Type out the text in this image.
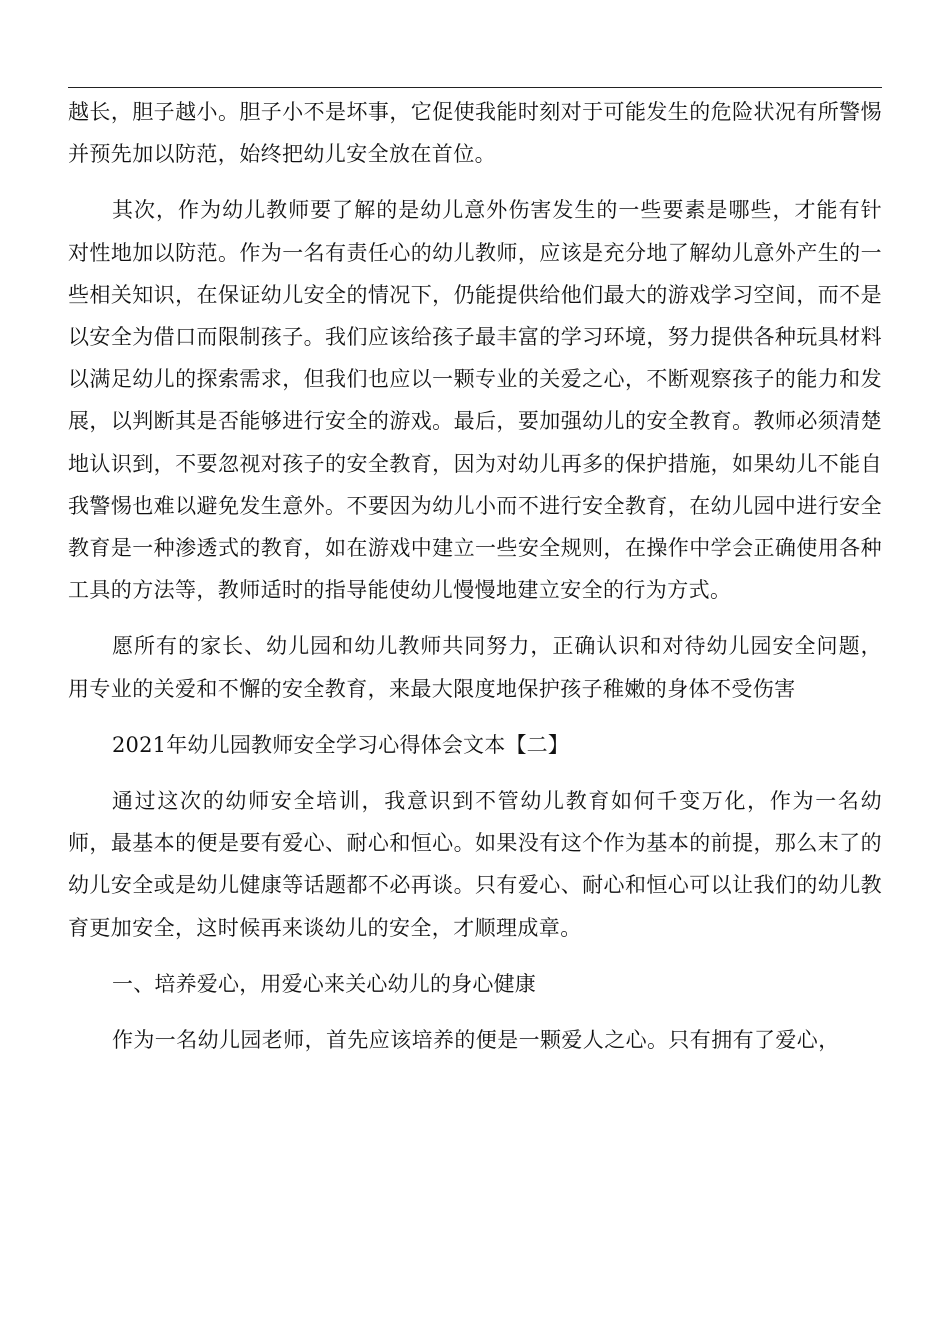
越长，胆子越小。胆子小不是坏事，它促使我能时刻对于可能发生的危险状况有所警惕并预先加以防范，始终把幼儿安全放在首位。

其次，作为幼儿教师要了解的是幼儿意外伤害发生的一些要素是哪些，才能有针对性地加以防范。作为一名有责任心的幼儿教师，应该是充分地了解幼儿意外产生的一些相关知识，在保证幼儿安全的情况下，仍能提供给他们最大的游戏学习空间，而不是以安全为借口而限制孩子。我们应该给孩子最丰富的学习环境，努力提供各种玩具材料以满足幼儿的探索需求，但我们也应以一颗专业的关爱之心，不断观察孩子的能力和发展，以判断其是否能够进行安全的游戏。最后，要加强幼儿的安全教育。教师必须清楚地认识到，不要忽视对孩子的安全教育，因为对幼儿再多的保护措施，如果幼儿不能自我警惕也难以避免发生意外。不要因为幼儿小而不进行安全教育，在幼儿园中进行安全教育是一种渗透式的教育，如在游戏中建立一些安全规则，在操作中学会正确使用各种工具的方法等，教师适时的指导能使幼儿慢慢地建立安全的行为方式。

愿所有的家长、幼儿园和幼儿教师共同努力，正确认识和对待幼儿园安全问题，用专业的关爱和不懈的安全教育，来最大限度地保护孩子稚嫩的身体不受伤害

2021年幼儿园教师安全学习心得体会文本【二】

通过这次的幼师安全培训，我意识到不管幼儿教育如何千变万化，作为一名幼师，最基本的便是要有爱心、耐心和恒心。如果没有这个作为基本的前提，那么末了的幼儿安全或是幼儿健康等话题都不必再谈。只有爱心、耐心和恒心可以让我们的幼儿教育更加安全，这时候再来谈幼儿的安全，才顺理成章。

一、培养爱心，用爱心来关心幼儿的身心健康

作为一名幼儿园老师，首先应该培养的便是一颗爱人之心。只有拥有了爱心，
